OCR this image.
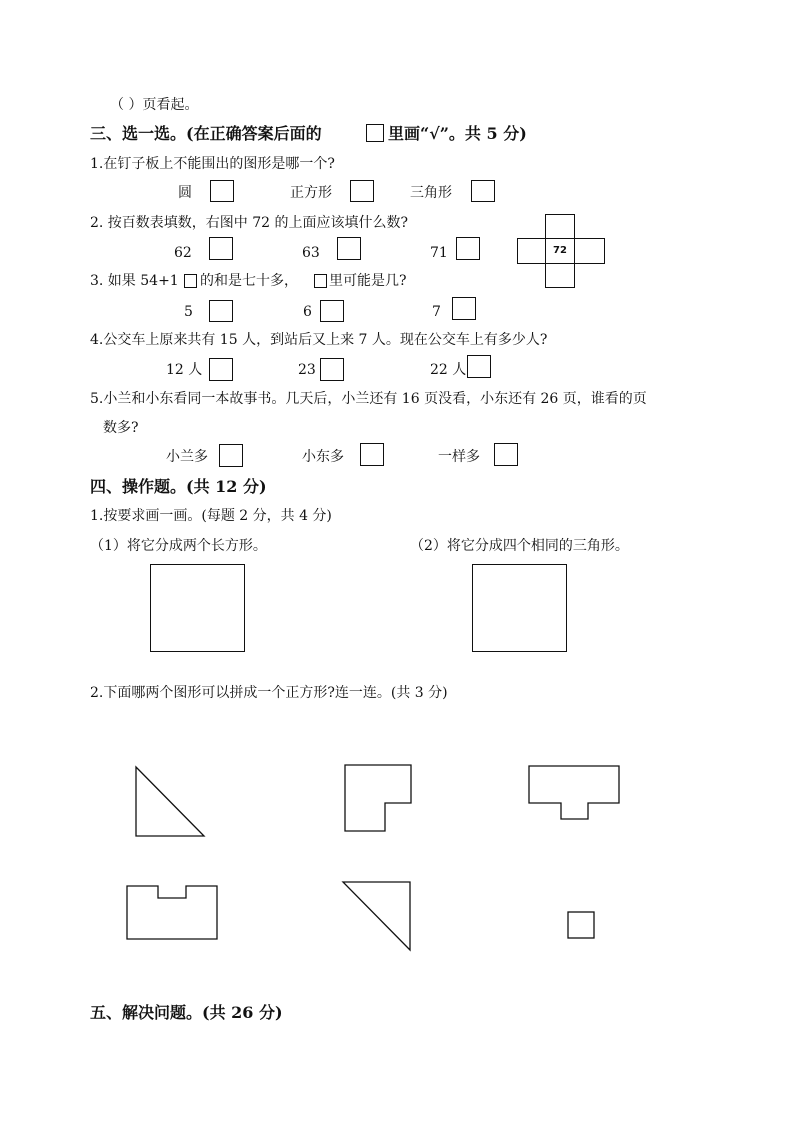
（ ）页看起。
三、选一选。(在正确答案后面的	里画“√”。共 5 分)
1.在钉子板上不能围出的图形是哪一个?
圆	正方形	三角形
2. 按百数表填数，右图中 72 的上面应该填什么数?
62	63	71	72
3. 如果 54+1 的和是七十多， 里可能是几?
5	6	7
4.公交车上原来共有 15 人，到站后又上来 7 人。现在公交车上有多少人?
12 人	23	22 人
5.小兰和小东看同一本故事书。几天后，小兰还有 16 页没看，小东还有 26 页，谁看的页
数多?
小兰多	小东多	一样多
四、操作题。(共 12 分)
1.按要求画一画。(每题 2 分，共 4 分)
（1）将它分成两个长方形。	（2）将它分成四个相同的三角形。
2.下面哪两个图形可以拼成一个正方形?连一连。(共 3 分)
五、解决问题。(共 26 分)
